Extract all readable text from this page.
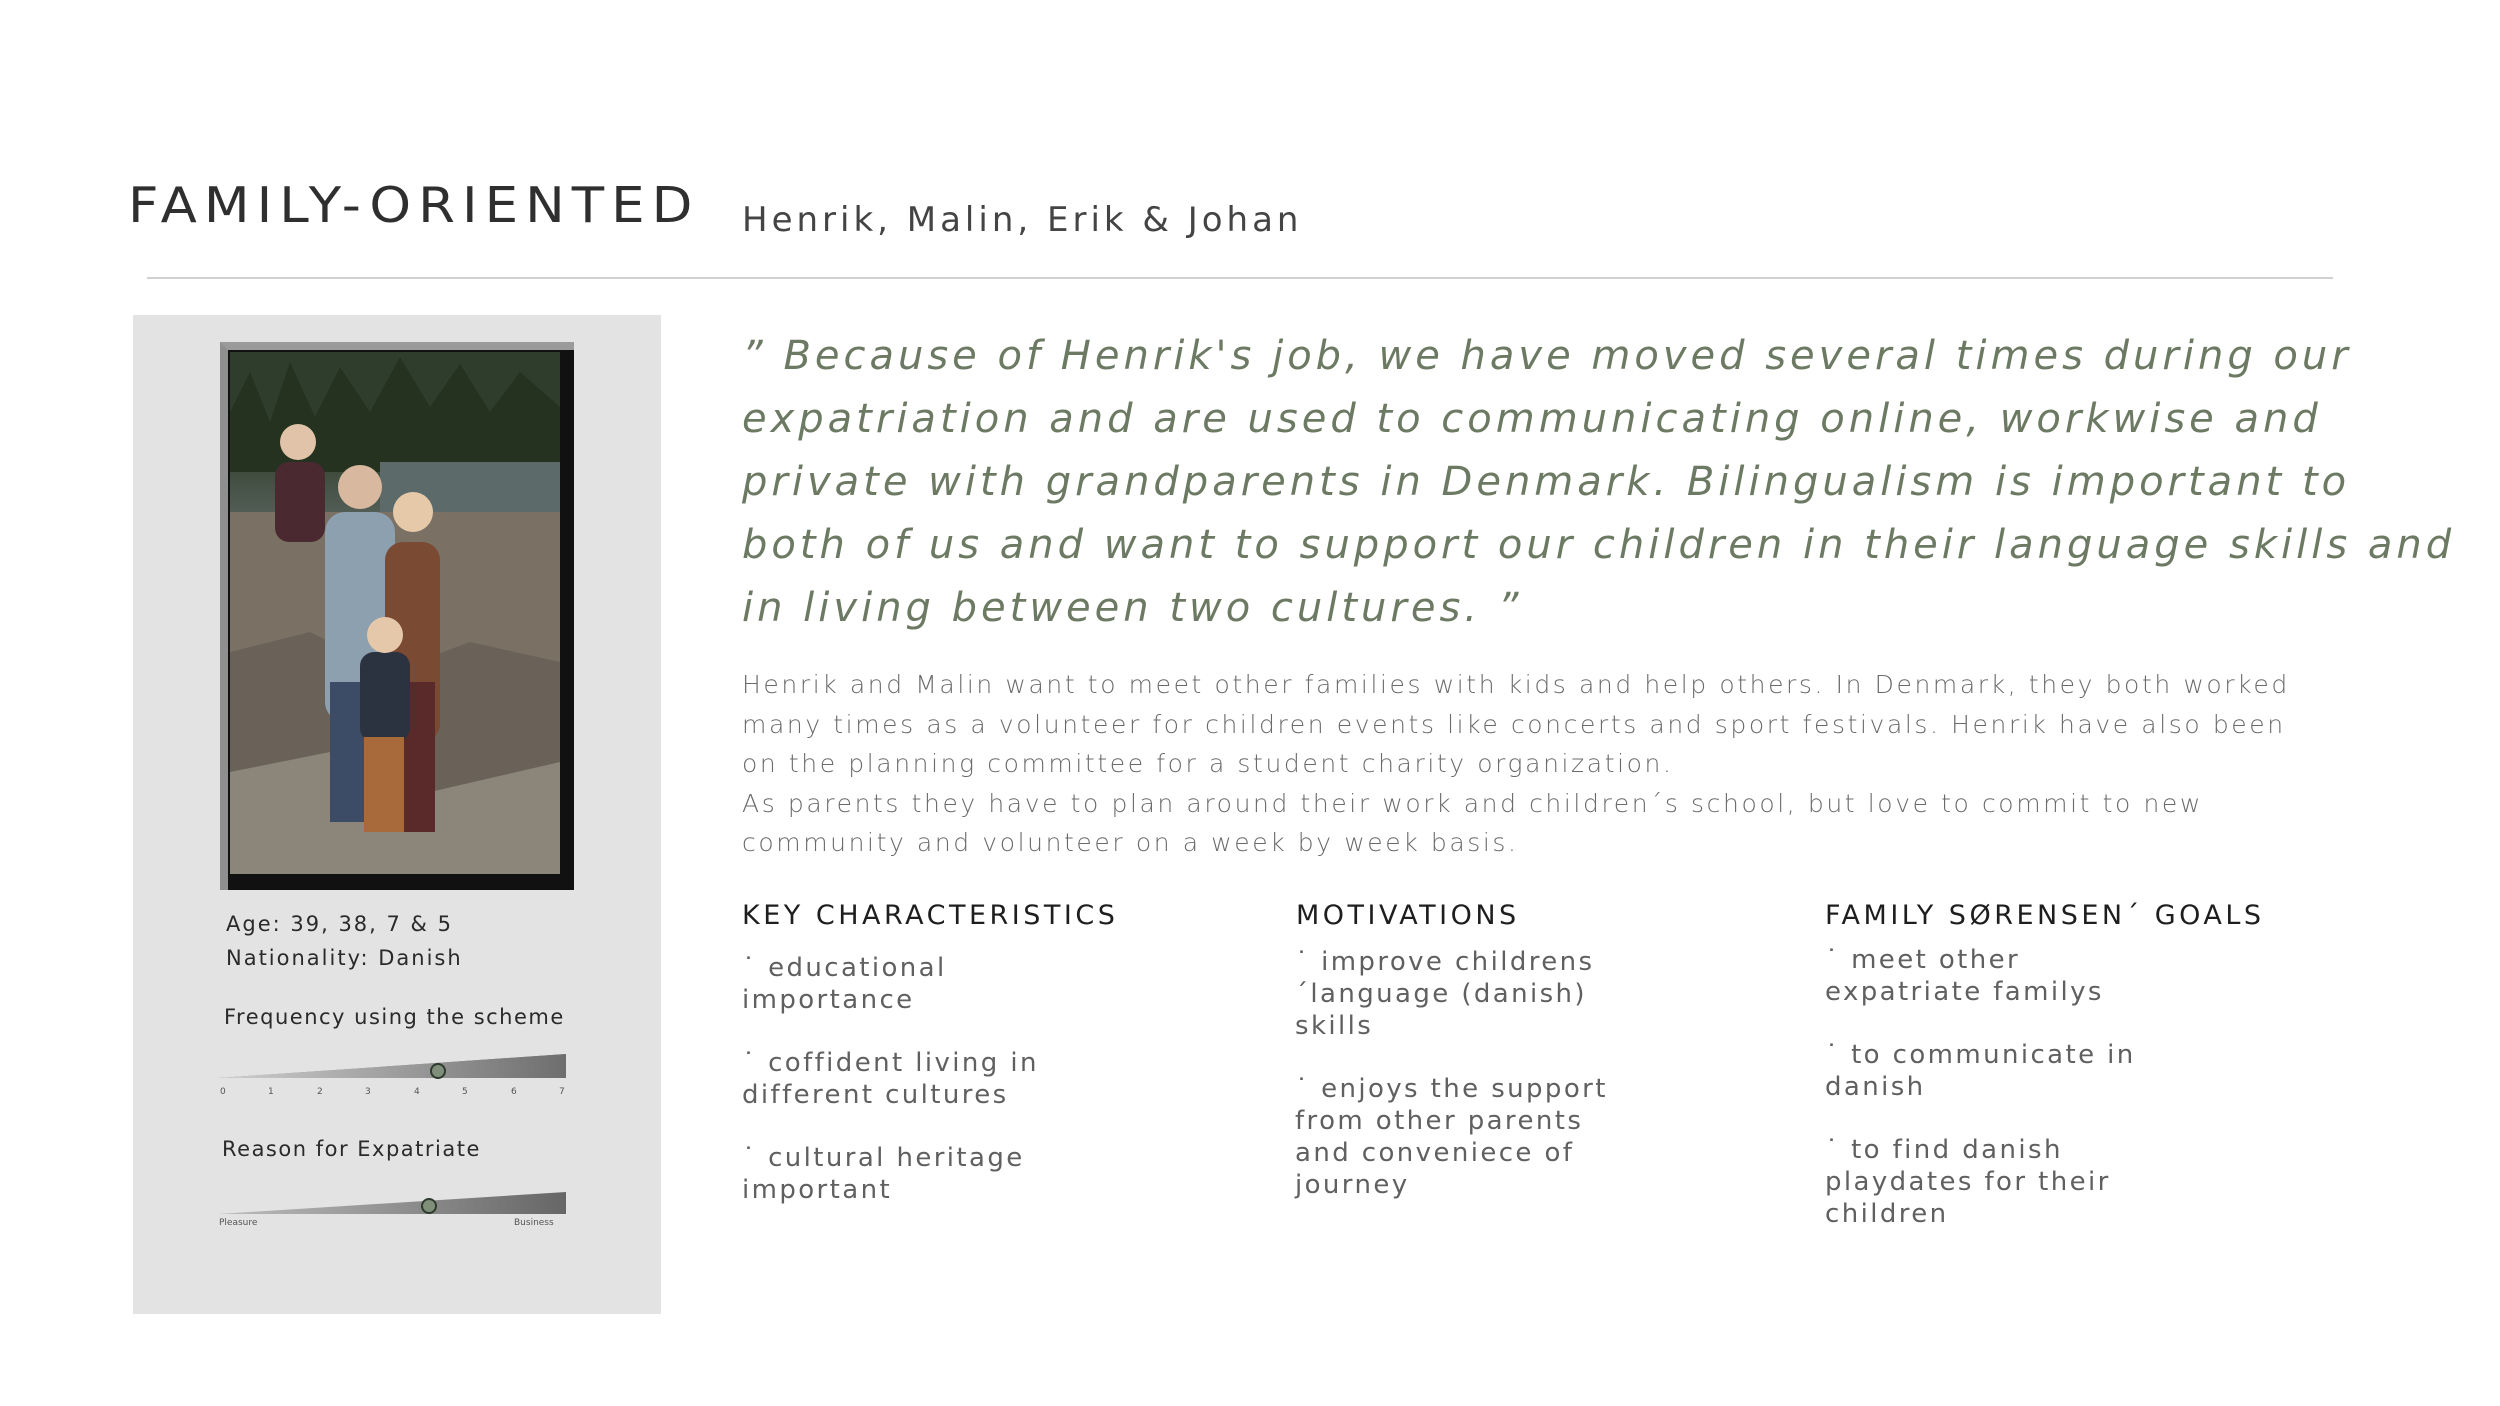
FAMILY-ORIENTED Henrik, Malin, Erik & Johan
Age: 39, 38, 7 & 5
Nationality: Danish
Frequency using the scheme
0	1	2	3	4	5	6	7
Reason for Expatriate
Pleasure	Business

” Because of Henrik's job, we have moved several times during our expatriation and are used to communicating online, workwise and private with grandparents in Denmark. Bilingualism is important to both of us and want to support our children in their language skills and in living between two cultures. ”

Henrik and Malin want to meet other families with kids and help others. In Denmark, they both worked
many times as a volunteer for children events like concerts and sport festivals. Henrik have also been
on the planning committee for a student charity organization.
As parents they have to plan around their work and children´s school, but love to commit to new
community and volunteer on a week by week basis.
KEY CHARACTERISTICS
˙ educational
importance
˙ coffident living in
different cultures
˙ cultural heritage
important
MOTIVATIONS
˙ improve childrens
´language (danish)
skills
˙ enjoys the support
from other parents
and conveniece of
journey
FAMILY SØRENSEN´ GOALS
˙ meet other
expatriate familys
˙ to communicate in
danish
˙ to find danish
playdates for their
children
